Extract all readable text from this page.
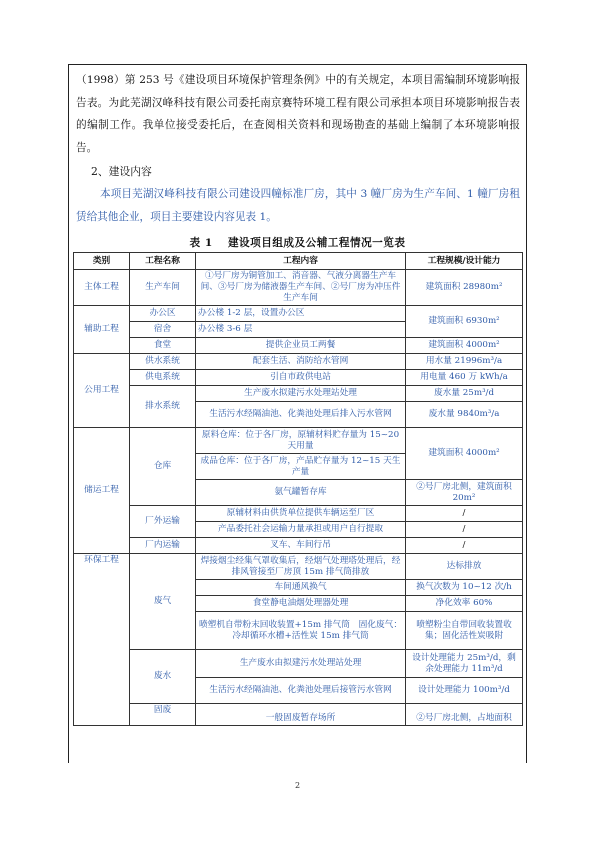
（1998）第 253 号《建设项目环境保护管理条例》中的有关规定，本项目需编制环境影响报告表。为此芜湖汉峰科技有限公司委托南京赛特环境工程有限公司承担本项目环境影响报告表的编制工作。我单位接受委托后，在查阅相关资料和现场勘查的基础上编制了本环境影响报告。
2、建设内容
本项目芜湖汉峰科技有限公司建设四幢标准厂房，其中 3 幢厂房为生产车间、1 幢厂房租赁给其他企业，项目主要建设内容见表 1。
表 1　 建设项目组成及公辅工程情况一览表
类别	工程名称	工程内容	工程规模/设计能力
主体工程	生产车间	①号厂房为铜管加工、消音器、气液分离器生产车间、③号厂房为储液器生产车间、②号厂房为冲压件生产车间	建筑面积 28980m²
辅助工程	办公区	办公楼 1-2 层，设置办公区	建筑面积 6930m²
	宿舍	办公楼 3-6 层	
	食堂	提供企业员工两餐	建筑面积 4000m²
公用工程	供水系统	配套生活、消防给水管网	用水量 21996m³/a
	供电系统	引自市政供电站	用电量 460 万 kWh/a
	排水系统	生产废水拟建污水处理站处理	废水量 25m³/d
		生活污水经隔油池、化粪池处理后排入污水管网	废水量 9840m³/a
储运工程	仓库	原料仓库：位于各厂房，原辅材料贮存量为 15~20 天用量	建筑面积 4000m²
		成品仓库：位于各厂房，产品贮存量为 12~15 天生产量	
		氨气罐暂存库	②号厂房北侧，建筑面积 20m²
	厂外运输	原辅材料由供货单位提供车辆运至厂区	/
		产品委托社会运输力量承担或用户自行提取	/
	厂内运输	叉车、车间行吊	/

环保工程	废气	焊接烟尘经集气罩收集后，经烟气处理塔处理后，经排风管接至厂房顶 15m 排气筒排放	达标排放
		车间通风换气	换气次数为 10~12 次/h
		食堂静电油烟处理器处理	净化效率 60%
		喷塑机自带粉末回收装置+15m 排气筒　固化废气：冷却循环水槽+活性炭 15m 排气筒	喷塑粉尘自带回收装置收集；固化活性炭吸附
	废水	生产废水由拟建污水处理站处理	设计处理能力 25m³/d，剩余处理能力 11m³/d
		生活污水经隔油池、化粪池处理后接管污水管网	设计处理能力 100m³/d
	固废	一般固废暂存场所	②号厂房北侧，占地面积
2
